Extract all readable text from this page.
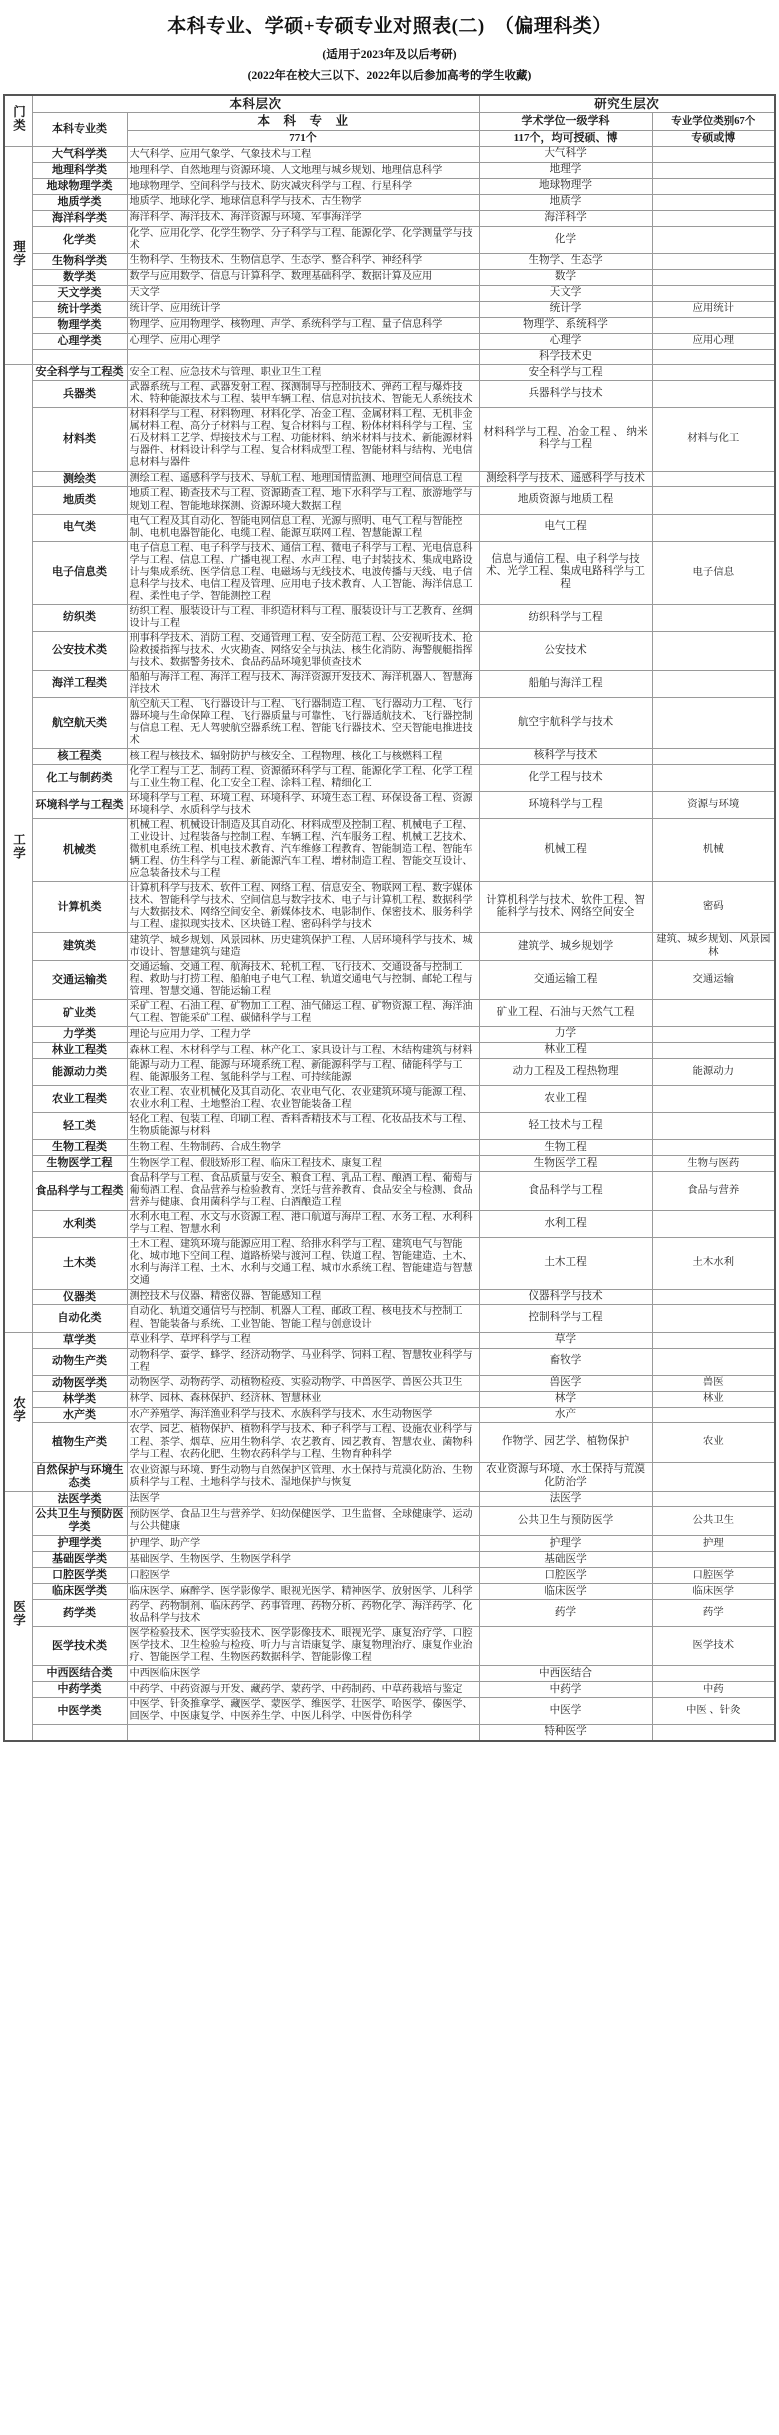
本科专业、学硕+专硕专业对照表(二)　（偏理科类）
(适用于2023年及以后考研)
(2022年在校大三以下、2022年以后参加高考的学生收藏)
门类	本科层次		研究生层次	
	本科专业类	本　科　专　业	学术学位一级学科	专业学位类别67个
		771个	117个，均可授硕、博	专硕或博
理学	大气科学类	大气科学、应用气象学、气象技术与工程	大气科学	
	地理科学类	地理科学、自然地理与资源环境、人文地理与城乡规划、地理信息科学	地理学	
	地球物理学类	地球物理学、空间科学与技术、防灾减灾科学与工程、行星科学	地球物理学	
	地质学类	地质学、地球化学、地球信息科学与技术、古生物学	地质学	
	海洋科学类	海洋科学、海洋技术、海洋资源与环境、军事海洋学	海洋科学	
	化学类	化学、应用化学、化学生物学、分子科学与工程、能源化学、化学测量学与技术	化学	
	生物科学类	生物科学、生物技术、生物信息学、生态学、整合科学、神经科学	生物学、生态学	
	数学类	数学与应用数学、信息与计算科学、数理基础科学、数据计算及应用	数学	
	天文学类	天文学	天文学	
	统计学类	统计学、应用统计学	统计学	应用统计
	物理学类	物理学、应用物理学、核物理、声学、系统科学与工程、量子信息科学	物理学、系统科学	
	心理学类	心理学、应用心理学	心理学	应用心理
			科学技术史	
工学	安全科学与工程类	安全工程、应急技术与管理、职业卫生工程	安全科学与工程	
	兵器类	武器系统与工程、武器发射工程、探测制导与控制技术、弹药工程与爆炸技术、特种能源技术与工程、装甲车辆工程、信息对抗技术、智能无人系统技术	兵器科学与技术	
	材料类	材料科学与工程、材料物理、材料化学、冶金工程、金属材料工程、无机非金属材料工程、高分子材料与工程、复合材料与工程、粉体材料科学与工程、宝石及材料工艺学、焊接技术与工程、功能材料、纳米材料与技术、新能源材料与器件、材料设计科学与工程、复合材料成型工程、智能材料与结构、光电信息材料与器件	材料科学与工程、冶金工程 、 纳米科学与工程	材料与化工
	测绘类	测绘工程、遥感科学与技术、导航工程、地理国情监测、地理空间信息工程	测绘科学与技术、遥感科学与技术	
	地质类	地质工程、勘查技术与工程、资源勘查工程、地下水科学与工程、旅游地学与规划工程、智能地球探测、资源环境大数据工程	地质资源与地质工程	
	电气类	电气工程及其自动化、智能电网信息工程、光源与照明、电气工程与智能控制、电机电器智能化、电缆工程、能源互联网工程、智慧能源工程	电气工程	
	电子信息类	电子信息工程、电子科学与技术、通信工程、微电子科学与工程、光电信息科学与工程、信息工程、广播电视工程、水声工程、电子封装技术、集成电路设计与集成系统、医学信息工程、电磁场与无线技术、电波传播与天线、电子信息科学与技术、电信工程及管理、应用电子技术教育、人工智能、海洋信息工程、柔性电子学、智能测控工程	信息与通信工程、电子科学与技术、光学工程、集成电路科学与工程	电子信息
	纺织类	纺织工程、服装设计与工程、非织造材料与工程、服装设计与工艺教育、丝绸设计与工程	纺织科学与工程	
	公安技术类	刑事科学技术、消防工程、交通管理工程、安全防范工程、公安视听技术、抢险救援指挥与技术、火灾勘查、网络安全与执法、核生化消防、海警舰艇指挥与技术、数据警务技术、食品药品环境犯罪侦查技术	公安技术	
	海洋工程类	船舶与海洋工程、海洋工程与技术、海洋资源开发技术、海洋机器人、智慧海洋技术	船舶与海洋工程	
	航空航天类	航空航天工程、飞行器设计与工程、飞行器制造工程、飞行器动力工程、飞行器环境与生命保障工程、飞行器质量与可靠性、飞行器适航技术、飞行器控制与信息工程、无人驾驶航空器系统工程、智能飞行器技术、空天智能电推进技术	航空宇航科学与技术	
	核工程类	核工程与核技术、辐射防护与核安全、工程物理、核化工与核燃料工程	核科学与技术	
	化工与制药类	化学工程与工艺、制药工程、资源循环科学与工程、能源化学工程、化学工程与工业生物工程、化工安全工程、涂料工程、精细化工	化学工程与技术	
	环境科学与工程类	环境科学与工程、环境工程、环境科学、环境生态工程、环保设备工程、资源环境科学、水质科学与技术	环境科学与工程	资源与环境
	机械类	机械工程、机械设计制造及其自动化、材料成型及控制工程、机械电子工程、工业设计、过程装备与控制工程、车辆工程、汽车服务工程、机械工艺技术、微机电系统工程、机电技术教育、汽车维修工程教育、智能制造工程、智能车辆工程、仿生科学与工程、新能源汽车工程、增材制造工程、智能交互设计、应急装备技术与工程	机械工程	机械
	计算机类	计算机科学与技术、软件工程、网络工程、信息安全、物联网工程、数字媒体技术、智能科学与技术、空间信息与数字技术、电子与计算机工程、数据科学与大数据技术、网络空间安全、新媒体技术、电影制作、保密技术、服务科学与工程、虚拟现实技术、区块链工程、密码科学与技术	计算机科学与技术、软件工程、智能科学与技术、网络空间安全	密码
	建筑类	建筑学、城乡规划、风景园林、历史建筑保护工程、人居环境科学与技术、城市设计、智慧建筑与建造	建筑学、城乡规划学	建筑、城乡规划、风景园林
	交通运输类	交通运输、交通工程、航海技术、轮机工程、飞行技术、交通设备与控制工程、救助与打捞工程、船舶电子电气工程、轨道交通电气与控制、邮轮工程与管理、智慧交通、智能运输工程	交通运输工程	交通运输
	矿业类	采矿工程、石油工程、矿物加工工程、油气储运工程、矿物资源工程、海洋油气工程、智能采矿工程、碳储科学与工程	矿业工程、石油与天然气工程	
	力学类	理论与应用力学、工程力学	力学	
	林业工程类	森林工程、木材科学与工程、林产化工、家具设计与工程、木结构建筑与材料	林业工程	
	能源动力类	能源与动力工程、能源与环境系统工程、新能源科学与工程、储能科学与工程、能源服务工程、氢能科学与工程、可持续能源	动力工程及工程热物理	能源动力
	农业工程类	农业工程、农业机械化及其自动化、农业电气化、农业建筑环境与能源工程、农业水利工程、土地整治工程、农业智能装备工程	农业工程	
	轻工类	轻化工程、包装工程、印刷工程、香料香精技术与工程、化妆品技术与工程、生物质能源与材料	轻工技术与工程	
	生物工程类	生物工程、生物制药、合成生物学	生物工程	
	生物医学工程	生物医学工程、假肢矫形工程、临床工程技术、康复工程	生物医学工程	生物与医药
	食品科学与工程类	食品科学与工程、食品质量与安全、粮食工程、乳品工程、酿酒工程、葡萄与葡萄酒工程、食品营养与检验教育、烹饪与营养教育、食品安全与检测、食品营养与健康、食用菌科学与工程、白酒酿造工程	食品科学与工程	食品与营养
	水利类	水利水电工程、水文与水资源工程、港口航道与海岸工程、水务工程、水利科学与工程、智慧水利	水利工程	
	土木类	土木工程、建筑环境与能源应用工程、给排水科学与工程、建筑电气与智能化、城市地下空间工程、道路桥梁与渡河工程、铁道工程、智能建造、土木、水利与海洋工程、土木、水利与交通工程、城市水系统工程、智能建造与智慧交通	土木工程	土木水利
	仪器类	测控技术与仪器、精密仪器、智能感知工程	仪器科学与技术	
	自动化类	自动化、轨道交通信号与控制、机器人工程、邮政工程、核电技术与控制工程、智能装备与系统、工业智能、智能工程与创意设计	控制科学与工程	
农学	草学类	草业科学、草坪科学与工程	草学	
	动物生产类	动物科学、蚕学、蜂学、经济动物学、马业科学、饲料工程、智慧牧业科学与工程	畜牧学	
	动物医学类	动物医学、动物药学、动植物检疫、实验动物学、中兽医学、兽医公共卫生	兽医学	兽医
	林学类	林学、园林、森林保护、经济林、智慧林业	林学	林业
	水产类	水产养殖学、海洋渔业科学与技术、水族科学与技术、水生动物医学	水产	
	植物生产类	农学、园艺、植物保护、植物科学与技术、种子科学与工程、设施农业科学与工程、茶学、烟草、应用生物科学、农艺教育、园艺教育、智慧农业、菌物科学与工程、农药化肥、生物农药科学与工程、生物育种科学	作物学、园艺学、植物保护	农业
	自然保护与环境生态类	农业资源与环境、野生动物与自然保护区管理、水土保持与荒漠化防治、生物质科学与工程、土地科学与技术、湿地保护与恢复	农业资源与环境、水土保持与荒漠化防治学	
医学	法医学类	法医学	法医学	
	公共卫生与预防医学类	预防医学、食品卫生与营养学、妇幼保健医学、卫生监督、全球健康学、运动与公共健康	公共卫生与预防医学	公共卫生
	护理学类	护理学、助产学	护理学	护理
	基础医学类	基础医学、生物医学、生物医学科学	基础医学	
	口腔医学类	口腔医学	口腔医学	口腔医学
	临床医学类	临床医学、麻醉学、医学影像学、眼视光医学、精神医学、放射医学、儿科学	临床医学	临床医学
	药学类	药学、药物制剂、临床药学、药事管理、药物分析、药物化学、海洋药学、化妆品科学与技术	药学	药学
	医学技术类	医学检验技术、医学实验技术、医学影像技术、眼视光学、康复治疗学、口腔医学技术、卫生检验与检疫、听力与言语康复学、康复物理治疗、康复作业治疗、智能医学工程、生物医药数据科学、智能影像工程		医学技术
	中西医结合类	中西医临床医学	中西医结合	
	中药学类	中药学、中药资源与开发、藏药学、蒙药学、中药制药、中草药栽培与鉴定	中药学	中药
	中医学类	中医学、针灸推拿学、藏医学、蒙医学、维医学、壮医学、哈医学、傣医学、回医学、中医康复学、中医养生学、中医儿科学、中医骨伤科学	中医学	中医 、针灸
			特种医学	
